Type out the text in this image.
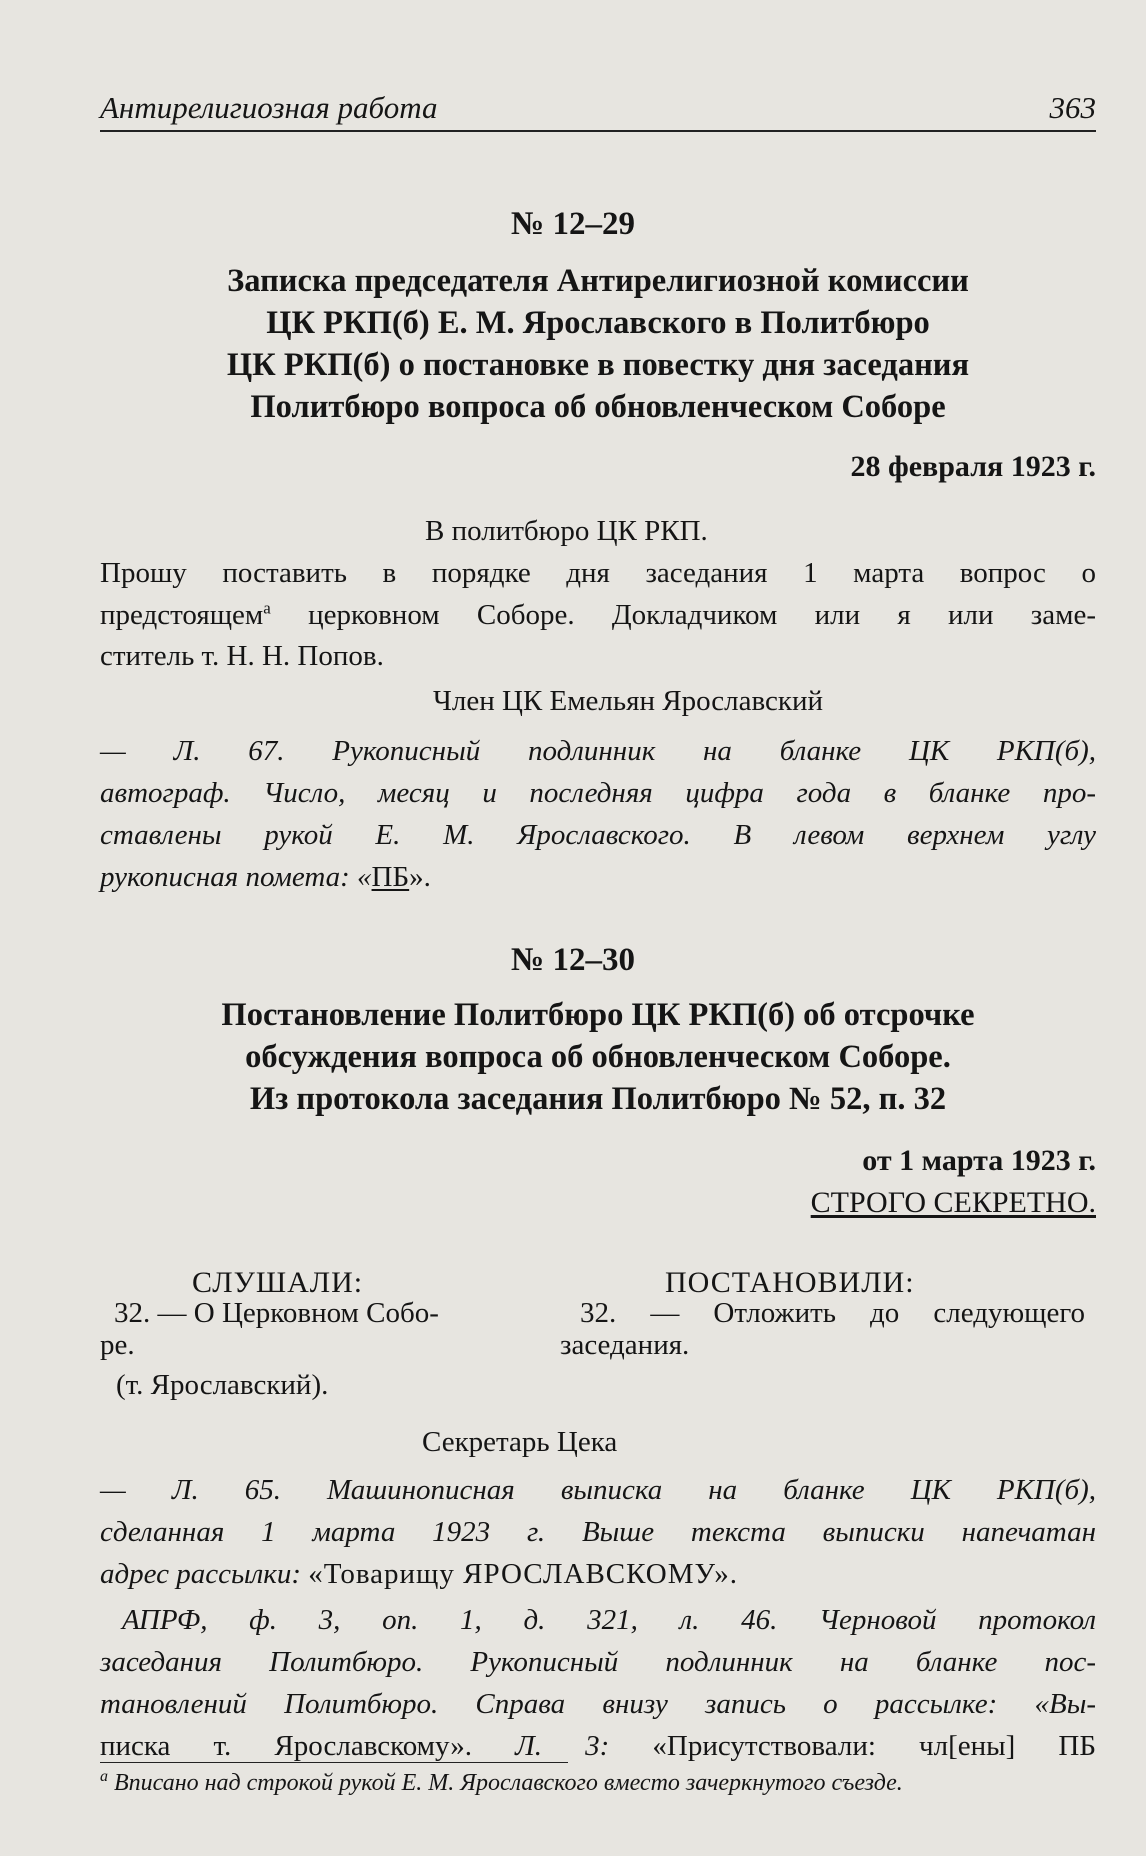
Антирелигиозная работа	363
№ 12–29
Записка председателя Антирелигиозной комиссии
ЦК РКП(б) Е. М. Ярославского в Политбюро
ЦК РКП(б) о постановке в повестку дня заседания
Политбюро вопроса об обновленческом Соборе
28 февраля 1923 г.
В политбюро ЦК РКП.
Прошу поставить в порядке дня заседания 1 марта вопрос о
предстоящем$^а$ церковном Соборе. Докладчиком или я или заме-
ститель т. Н. Н. Попов.
Член ЦК Емельян Ярославский
— Л. 67. Рукописный подлинник на бланке ЦК РКП(б),
автограф. Число, месяц и последняя цифра года в бланке про-
ставлены рукой Е. М. Ярославского. В левом верхнем углу
рукописная помета: «ПБ».
№ 12–30
Постановление Политбюро ЦК РКП(б) об отсрочке
обсуждения вопроса об обновленческом Соборе.
Из протокола заседания Политбюро № 52, п. 32
от 1 марта 1923 г.
СТРОГО СЕКРЕТНО.
СЛУШАЛИ:	ПОСТАНОВИЛИ:
32. — О Церковном Собо-
ре.
(т. Ярославский).
32. — Отложить до следующего
заседания.
Секретарь Цека
— Л. 65. Машинописная выписка на бланке ЦК РКП(б),
сделанная 1 марта 1923 г. Выше текста выписки напечатан
адрес рассылки: «Товарищу ЯРОСЛАВСКОМУ».
АПРФ, ф. 3, оп. 1, д. 321, л. 46. Черновой протокол
заседания Политбюро. Рукописный подлинник на бланке пос-
тановлений Политбюро. Справа внизу запись о рассылке: «Вы-
писка т. Ярославскому». Л. 3: «Присутствовали: чл[ены] ПБ
$^а$ Вписано над строкой рукой Е. М. Ярославского вместо зачеркнутого съезде.
